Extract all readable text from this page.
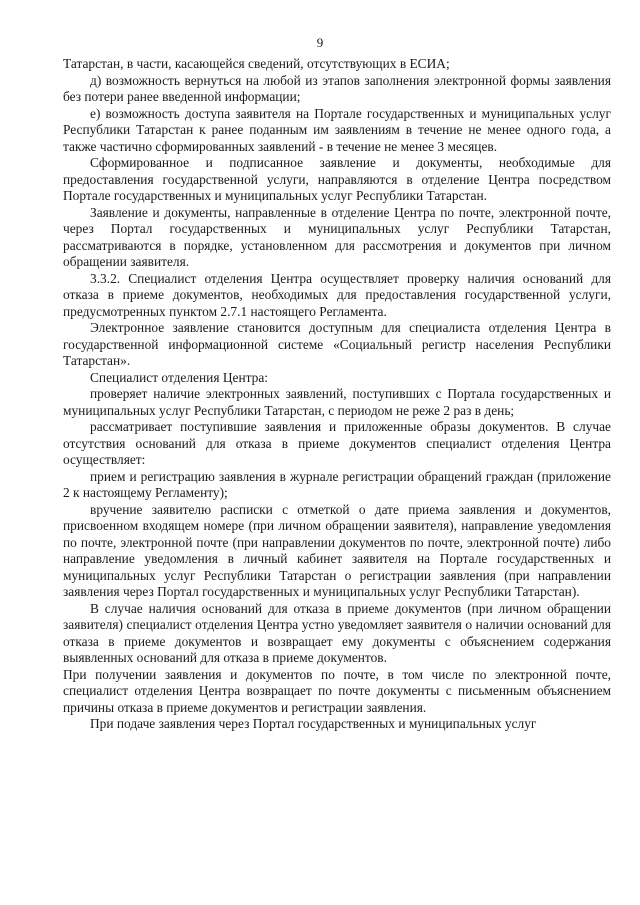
9

Татарстан, в части, касающейся сведений, отсутствующих в ЕСИА;

д) возможность вернуться на любой из этапов заполнения электронной формы заявления без потери ранее введенной информации;

е) возможность доступа заявителя на Портале государственных и муниципальных услуг Республики Татарстан к ранее поданным им заявлениям в течение не менее одного года, а также частично сформированных заявлений - в течение не менее 3 месяцев.

Сформированное и подписанное заявление и документы, необходимые для предоставления государственной услуги, направляются в отделение Центра посредством Портале государственных и муниципальных услуг Республики Татарстан.

Заявление и документы, направленные в отделение Центра по почте, электронной почте, через Портал государственных и муниципальных услуг Республики Татарстан, рассматриваются в порядке, установленном для рассмотрения и документов при личном обращении заявителя.

3.3.2. Специалист отделения Центра осуществляет проверку наличия оснований для отказа в приеме документов, необходимых для предоставления государственной услуги, предусмотренных пунктом 2.7.1 настоящего Регламента.

Электронное заявление становится доступным для специалиста отделения Центра в государственной информационной системе «Социальный регистр населения Республики Татарстан».

Специалист отделения Центра:

проверяет наличие электронных заявлений, поступивших с Портала государственных и муниципальных услуг Республики Татарстан, с периодом не реже 2 раз в день;

рассматривает поступившие заявления и приложенные образы документов. В случае отсутствия оснований для отказа в приеме документов специалист отделения Центра осуществляет:

прием и регистрацию заявления в журнале регистрации обращений граждан (приложение 2 к настоящему Регламенту);

вручение заявителю расписки с отметкой о дате приема заявления и документов, присвоенном входящем номере (при личном обращении заявителя), направление уведомления по почте, электронной почте (при направлении документов по почте, электронной почте) либо направление уведомления в личный кабинет заявителя на Портале государственных и муниципальных услуг Республики Татарстан о регистрации заявления (при направлении заявления через Портал государственных и муниципальных услуг Республики Татарстан).

В случае наличия оснований для отказа в приеме документов (при личном обращении заявителя) специалист отделения Центра устно уведомляет заявителя о наличии оснований для отказа в приеме документов и возвращает ему документы с объяснением содержания выявленных оснований для отказа в приеме документов.

При получении заявления и документов по почте, в том числе по электронной почте, специалист отделения Центра возвращает по почте документы с письменным объяснением причины отказа в приеме документов и регистрации заявления.

При подаче заявления через Портал государственных и муниципальных услуг
